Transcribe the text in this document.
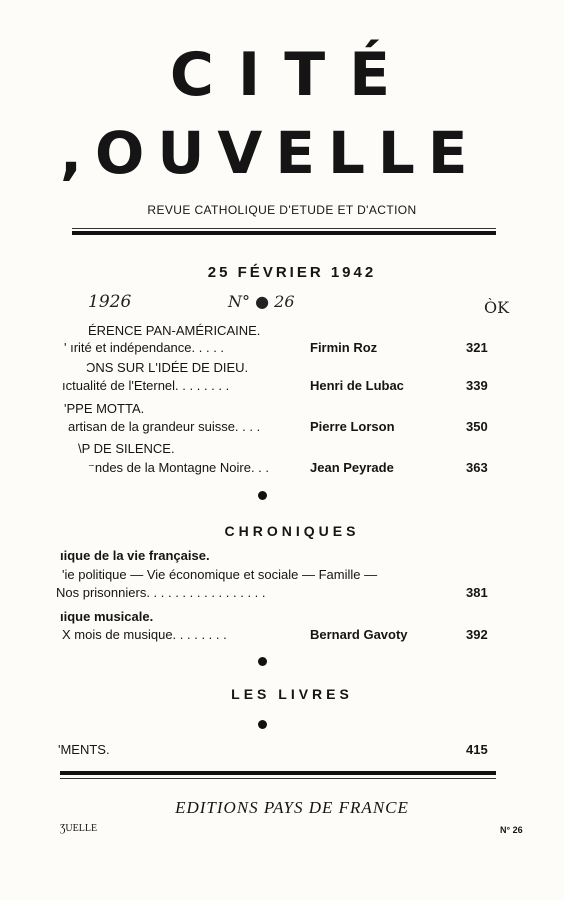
CITÉ
,OUVELLE
REVUE CATHOLIQUE D'ETUDE ET D'ACTION
25 FÉVRIER 1942
1926	N° ● 26	ÒK
ÉRENCE PAN-AMÉRICAINE.
' ırité et indépendance. . . . .	Firmin Roz	321
ƆNS SUR L'IDÉE DE DIEU.
ıctualité de l'Eternel. . . . . . . .	Henri de Lubac	339
'PPE MOTTA.
artisan de la grandeur suisse. . . .	Pierre Lorson	350
\P DE SILENCE.
⁻ndes de la Montagne Noire. . .	Jean Peyrade	363
CHRONIQUES
ıique de la vie française.
'ie politique — Vie économique et sociale — Famille —
Nos prisonniers. . . . . . . . . . . . . . . . .	381
ıique musicale.
X mois de musique. . . . . . . .	Bernard Gavoty	392
LES LIVRES
'MENTS.	415
EDITIONS PAYS DE FRANCE
ƷUELLE	N° 26
